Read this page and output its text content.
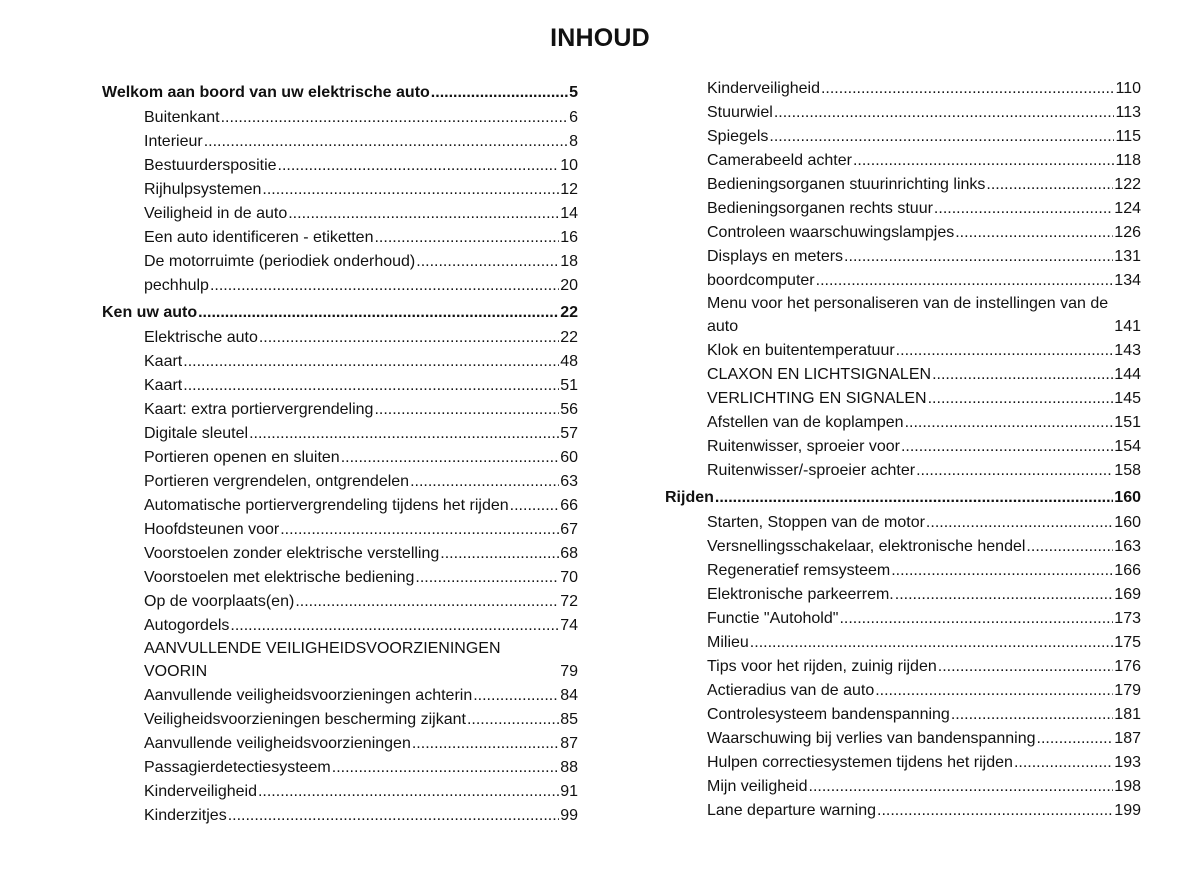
INHOUD
Welkom aan boord van uw elektrische auto .....	5
Buitenkant .....	6
Interieur .....	8
Bestuurderspositie .....	10
Rijhulpsystemen .....	12
Veiligheid in de auto .....	14
Een auto identificeren - etiketten .....	16
De motorruimte (periodiek onderhoud) .....	18
pechhulp .....	20
Ken uw auto .....	22
Elektrische auto .....	22
Kaart .....	48
Kaart .....	51
Kaart: extra portiervergrendeling .....	56
Digitale sleutel .....	57
Portieren openen en sluiten .....	60
Portieren vergrendelen, ontgrendelen .....	63
Automatische portiervergrendeling tijdens het rijden .....	66
Hoofdsteunen voor .....	67
Voorstoelen zonder elektrische verstelling .....	68
Voorstoelen met elektrische bediening .....	70
Op de voorplaats(en) .....	72
Autogordels .....	74
AANVULLENDE VEILIGHEIDSVOORZIENINGEN
VOORIN	79
Aanvullende veiligheidsvoorzieningen achterin .....	84
Veiligheidsvoorzieningen bescherming zijkant .....	85
Aanvullende veiligheidsvoorzieningen .....	87
Passagierdetectiesysteem .....	88
Kinderveiligheid .....	91
Kinderzitjes .....	99
Kinderveiligheid .....	110
Stuurwiel .....	113
Spiegels .....	115
Camerabeeld achter .....	118
Bedieningsorganen stuurinrichting links .....	122
Bedieningsorganen rechts stuur .....	124
Controleen waarschuwingslampjes .....	126
Displays en meters .....	131
boordcomputer .....	134
Menu voor het personaliseren van de instellingen van de
auto	141
Klok en buitentemperatuur .....	143
CLAXON EN LICHTSIGNALEN .....	144
VERLICHTING EN SIGNALEN .....	145
Afstellen van de koplampen .....	151
Ruitenwisser, sproeier voor .....	154
Ruitenwisser/-sproeier achter .....	158
Rijden .....	160
Starten, Stoppen van de motor .....	160
Versnellingsschakelaar, elektronische hendel .....	163
Regeneratief remsysteem .....	166
Elektronische parkeerrem. .....	169
Functie "Autohold" .....	173
Milieu .....	175
Tips voor het rijden, zuinig rijden .....	176
Actieradius van de auto .....	179
Controlesysteem bandenspanning .....	181
Waarschuwing bij verlies van bandenspanning .....	187
Hulpen correctiesystemen tijdens het rijden .....	193
Mijn veiligheid .....	198
Lane departure warning .....	199
